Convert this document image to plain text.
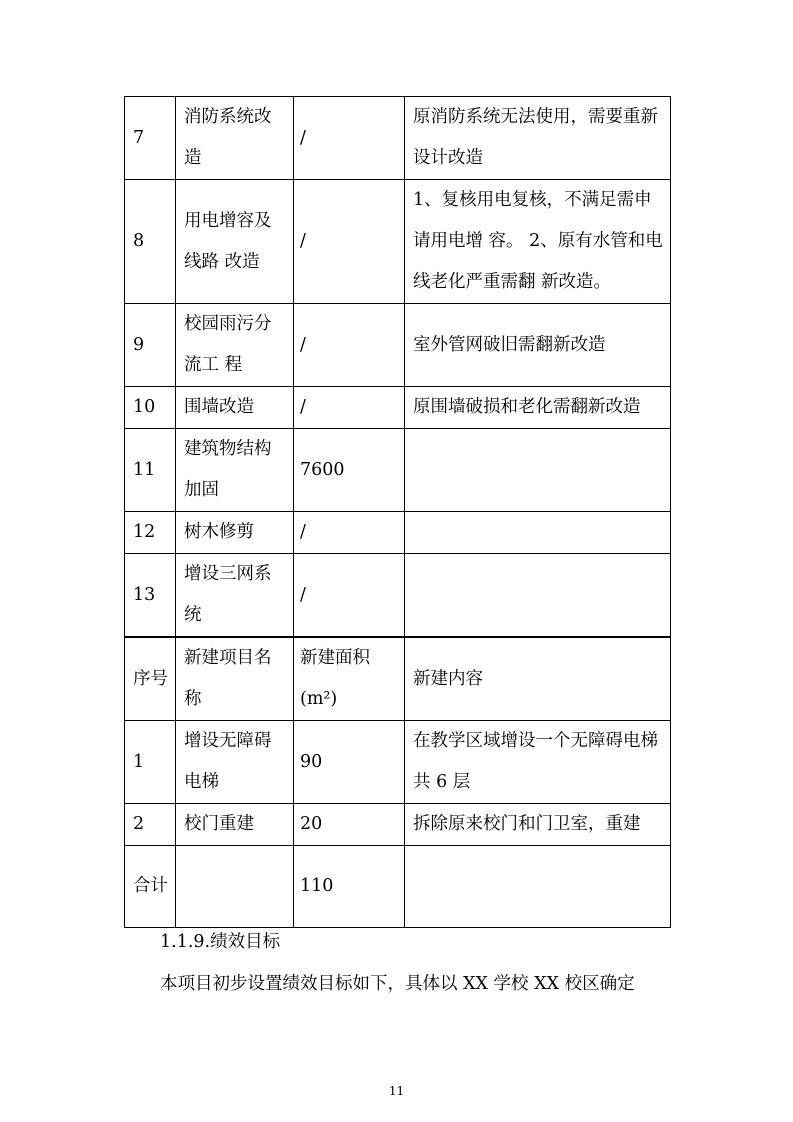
7	消防系统改造	/	原消防系统无法使用，需要重新设计改造
8	用电增容及线路 改造	/	1、复核用电复核，不满足需申请用电增 容。 2、原有水管和电线老化严重需翻 新改造。
9	校园雨污分流工 程	/	室外管网破旧需翻新改造
10	围墙改造	/	原围墙破损和老化需翻新改造
11	建筑物结构加固	7600	
12	树木修剪	/	
13	增设三网系统	/	
序号	新建项目名称	新建面积(m²)	新建内容
1	增设无障碍电梯	90	在教学区域增设一个无障碍电梯共 6 层
2	校门重建	20	拆除原来校门和门卫室，重建
合计		110	
1.1.9.绩效目标
本项目初步设置绩效目标如下，具体以 XX 学校 XX 校区确定
11
